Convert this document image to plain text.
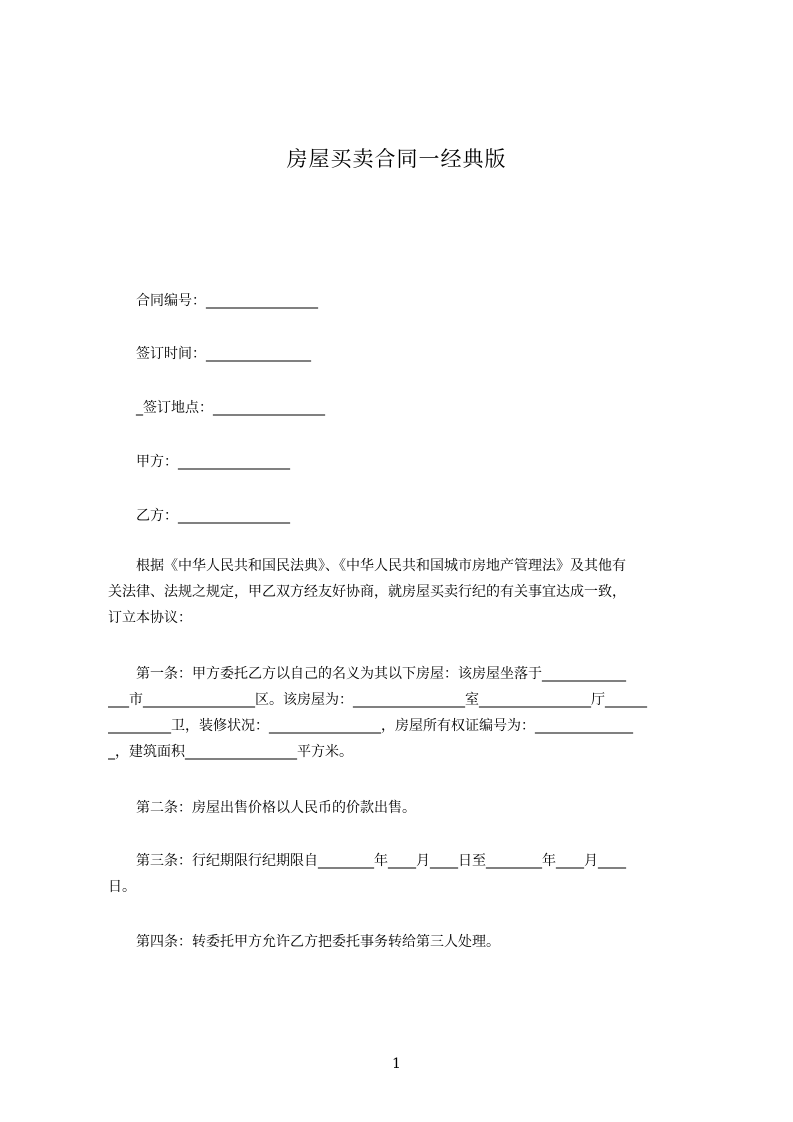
房屋买卖合同一经典版
合同编号：________________
签订时间：_______________
_签订地点：________________
甲方：________________
乙方：________________
根据《中华人民共和国民法典》、《中华人民共和国城市房地产管理法》及其他有
关法律、法规之规定，甲乙双方经友好协商，就房屋买卖行纪的有关事宜达成一致，
订立本协议：
第一条：甲方委托乙方以自己的名义为其以下房屋：该房屋坐落于____________
___市________________区。该房屋为：________________室________________厅______
_________卫，装修状况：________________，房屋所有权证编号为：______________
_，建筑面积________________平方米。
第二条：房屋出售价格以人民币的价款出售。
第三条：行纪期限行纪期限自________年____月____日至________年____月____
日。
第四条：转委托甲方允许乙方把委托事务转给第三人处理。
1
